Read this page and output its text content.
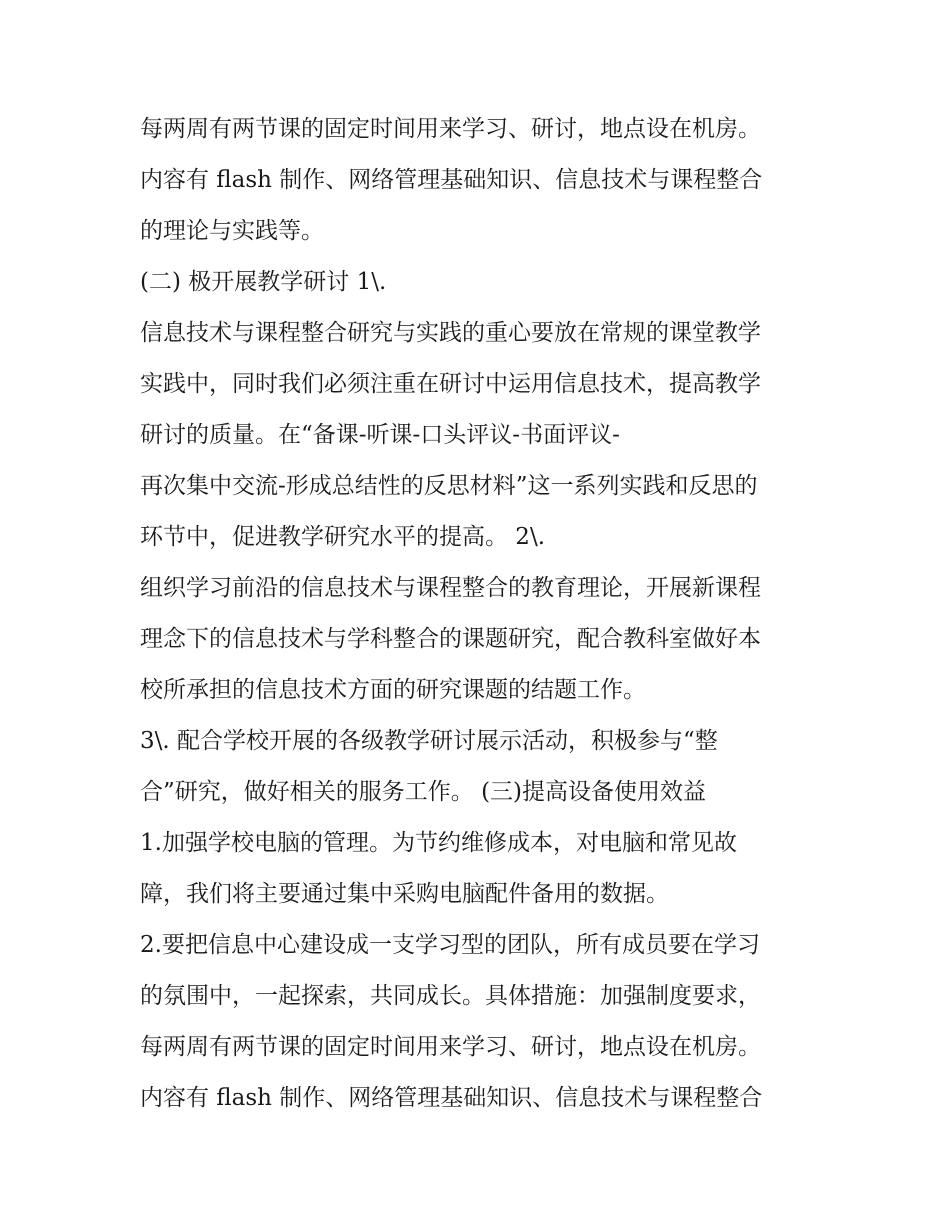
每两周有两节课的固定时间用来学习、研讨，地点设在机房。
内容有 flash 制作、网络管理基础知识、信息技术与课程整合
的理论与实践等。
(二) 极开展教学研讨 1\.
信息技术与课程整合研究与实践的重心要放在常规的课堂教学
实践中，同时我们必须注重在研讨中运用信息技术，提高教学
研讨的质量。在“备课-听课-口头评议-书面评议-
再次集中交流-形成总结性的反思材料”这一系列实践和反思的
环节中，促进教学研究水平的提高。 2\.
组织学习前沿的信息技术与课程整合的教育理论，开展新课程
理念下的信息技术与学科整合的课题研究，配合教科室做好本
校所承担的信息技术方面的研究课题的结题工作。
3\. 配合学校开展的各级教学研讨展示活动，积极参与“整
合”研究，做好相关的服务工作。 (三)提高设备使用效益
1.加强学校电脑的管理。为节约维修成本，对电脑和常见故
障，我们将主要通过集中采购电脑配件备用的数据。
2.要把信息中心建设成一支学习型的团队，所有成员要在学习
的氛围中，一起探索，共同成长。具体措施：加强制度要求，
每两周有两节课的固定时间用来学习、研讨，地点设在机房。
内容有 flash 制作、网络管理基础知识、信息技术与课程整合
